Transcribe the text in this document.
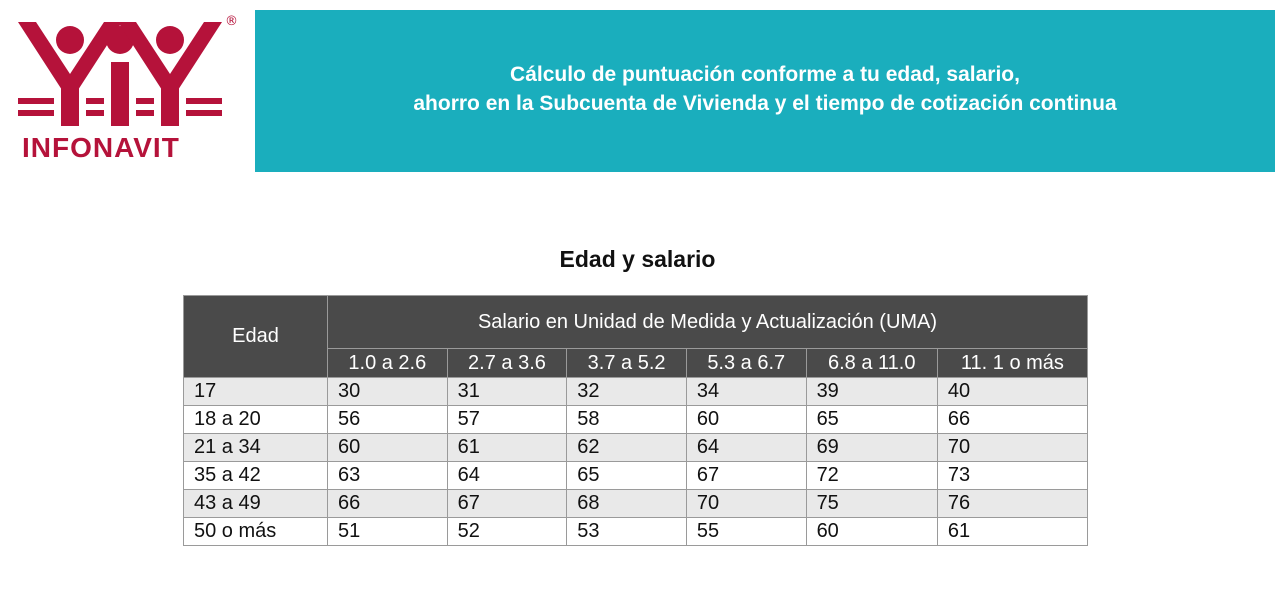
®
INFONAVIT
Cálculo de puntuación conforme a tu edad, salario,
ahorro en la Subcuenta de Vivienda y el tiempo de cotización continua
Edad y salario
Edad	Salario en Unidad de Medida y Actualización (UMA)					
	1.0 a 2.6	2.7 a 3.6	3.7 a 5.2	5.3 a 6.7	6.8 a 11.0	11. 1 o más
17	30	31	32	34	39	40
18 a 20	56	57	58	60	65	66
21 a 34	60	61	62	64	69	70
35 a 42	63	64	65	67	72	73
43 a 49	66	67	68	70	75	76
50 o más	51	52	53	55	60	61
